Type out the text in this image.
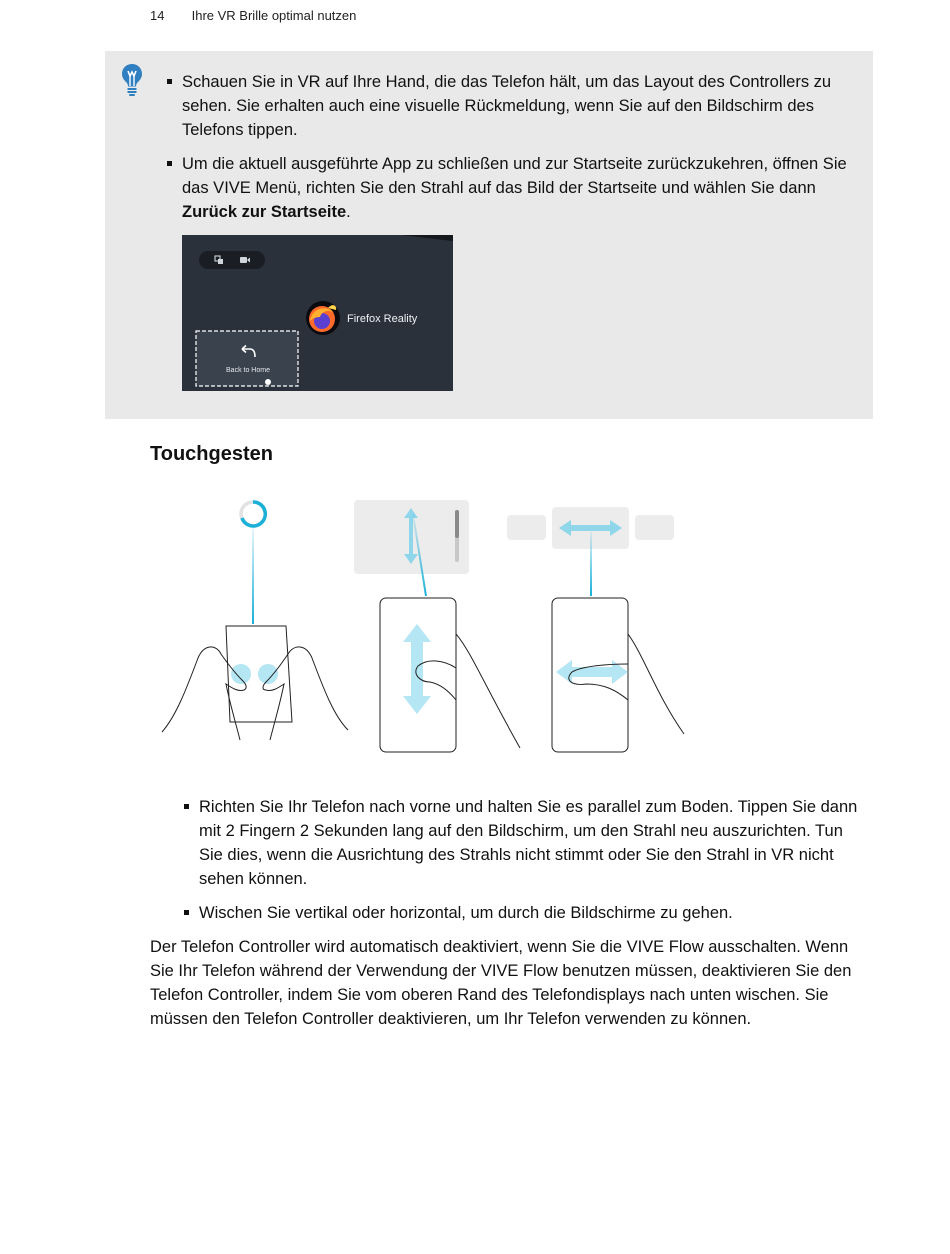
14 Ihre VR Brille optimal nutzen
Schauen Sie in VR auf Ihre Hand, die das Telefon hält, um das Layout des Controllers zu sehen. Sie erhalten auch eine visuelle Rückmeldung, wenn Sie auf den Bildschirm des Telefons tippen.
Um die aktuell ausgeführte App zu schließen und zur Startseite zurückzukehren, öffnen Sie das VIVE Menü, richten Sie den Strahl auf das Bild der Startseite und wählen Sie dann Zurück zur Startseite.
Firefox Reality
Back to Home
Touchgesten
Richten Sie Ihr Telefon nach vorne und halten Sie es parallel zum Boden. Tippen Sie dann mit 2 Fingern 2 Sekunden lang auf den Bildschirm, um den Strahl neu auszurichten. Tun Sie dies, wenn die Ausrichtung des Strahls nicht stimmt oder Sie den Strahl in VR nicht sehen können.
Wischen Sie vertikal oder horizontal, um durch die Bildschirme zu gehen.

Der Telefon Controller wird automatisch deaktiviert, wenn Sie die VIVE Flow ausschalten. Wenn Sie Ihr Telefon während der Verwendung der VIVE Flow benutzen müssen, deaktivieren Sie den Telefon Controller, indem Sie vom oberen Rand des Telefondisplays nach unten wischen. Sie müssen den Telefon Controller deaktivieren, um Ihr Telefon verwenden zu können.
